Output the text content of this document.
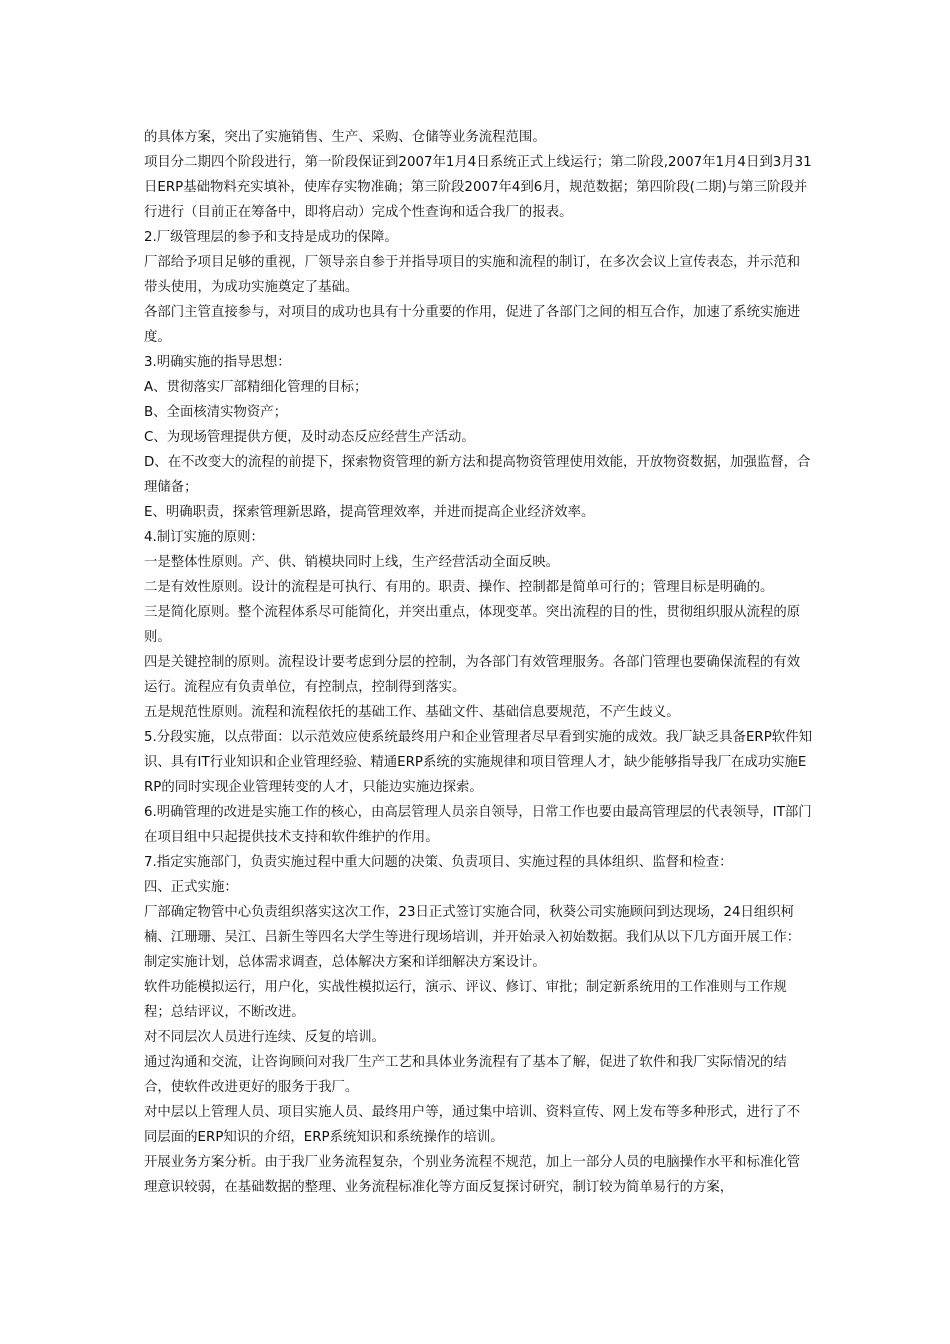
的具体方案，突出了实施销售、生产、采购、仓储等业务流程范围。

项目分二期四个阶段进行，第一阶段保证到2007年1月4日系统正式上线运行；第二阶段,2007年1月4日到3月31日ERP基础物料充实填补，使库存实物准确；第三阶段2007年4到6月，规范数据；第四阶段(二期)与第三阶段并行进行（目前正在筹备中，即将启动）完成个性查询和适合我厂的报表。

2.厂级管理层的参予和支持是成功的保障。

厂部给予项目足够的重视，厂领导亲自参于并指导项目的实施和流程的制订，在多次会议上宣传表态，并示范和带头使用，为成功实施奠定了基础。

各部门主管直接参与，对项目的成功也具有十分重要的作用，促进了各部门之间的相互合作，加速了系统实施进度。

3.明确实施的指导思想：

A、贯彻落实厂部精细化管理的目标；

B、全面核清实物资产；

C、为现场管理提供方便，及时动态反应经营生产活动。

D、在不改变大的流程的前提下，探索物资管理的新方法和提高物资管理使用效能，开放物资数据，加强监督，合理储备；

E、明确职责，探索管理新思路，提高管理效率，并进而提高企业经济效率。

4.制订实施的原则：

一是整体性原则。产、供、销模块同时上线，生产经营活动全面反映。

二是有效性原则。设计的流程是可执行、有用的。职责、操作、控制都是简单可行的；管理目标是明确的。

三是简化原则。整个流程体系尽可能简化，并突出重点，体现变革。突出流程的目的性，贯彻组织服从流程的原则。

四是关键控制的原则。流程设计要考虑到分层的控制，为各部门有效管理服务。各部门管理也要确保流程的有效运行。流程应有负责单位，有控制点，控制得到落实。

五是规范性原则。流程和流程依托的基础工作、基础文件、基础信息要规范，不产生歧义。

5.分段实施，以点带面：以示范效应使系统最终用户和企业管理者尽早看到实施的成效。我厂缺乏具备ERP软件知识、具有IT行业知识和企业管理经验、精通ERP系统的实施规律和项目管理人才，缺少能够指导我厂在成功实施ERP的同时实现企业管理转变的人才，只能边实施边探索。

6.明确管理的改进是实施工作的核心，由高层管理人员亲自领导，日常工作也要由最高管理层的代表领导，IT部门在项目组中只起提供技术支持和软件维护的作用。

7.指定实施部门，负责实施过程中重大问题的决策、负责项目、实施过程的具体组织、监督和检查：

四、正式实施：

厂部确定物管中心负责组织落实这次工作，23日正式签订实施合同，秋葵公司实施顾问到达现场，24日组织柯楠、江珊珊、吴江、吕新生等四名大学生等进行现场培训，并开始录入初始数据。我们从以下几方面开展工作：

制定实施计划，总体需求调查，总体解决方案和详细解决方案设计。

软件功能模拟运行，用户化，实战性模拟运行，演示、评议、修订、审批；制定新系统用的工作准则与工作规程；总结评议，不断改进。

对不同层次人员进行连续、反复的培训。

通过沟通和交流，让咨询顾问对我厂生产工艺和具体业务流程有了基本了解，促进了软件和我厂实际情况的结合，使软件改进更好的服务于我厂。

对中层以上管理人员、项目实施人员、最终用户等，通过集中培训、资料宣传、网上发布等多种形式，进行了不同层面的ERP知识的介绍，ERP系统知识和系统操作的培训。

开展业务方案分析。由于我厂业务流程复杂，个别业务流程不规范，加上一部分人员的电脑操作水平和标准化管理意识较弱，在基础数据的整理、业务流程标准化等方面反复探讨研究，制订较为简单易行的方案，
